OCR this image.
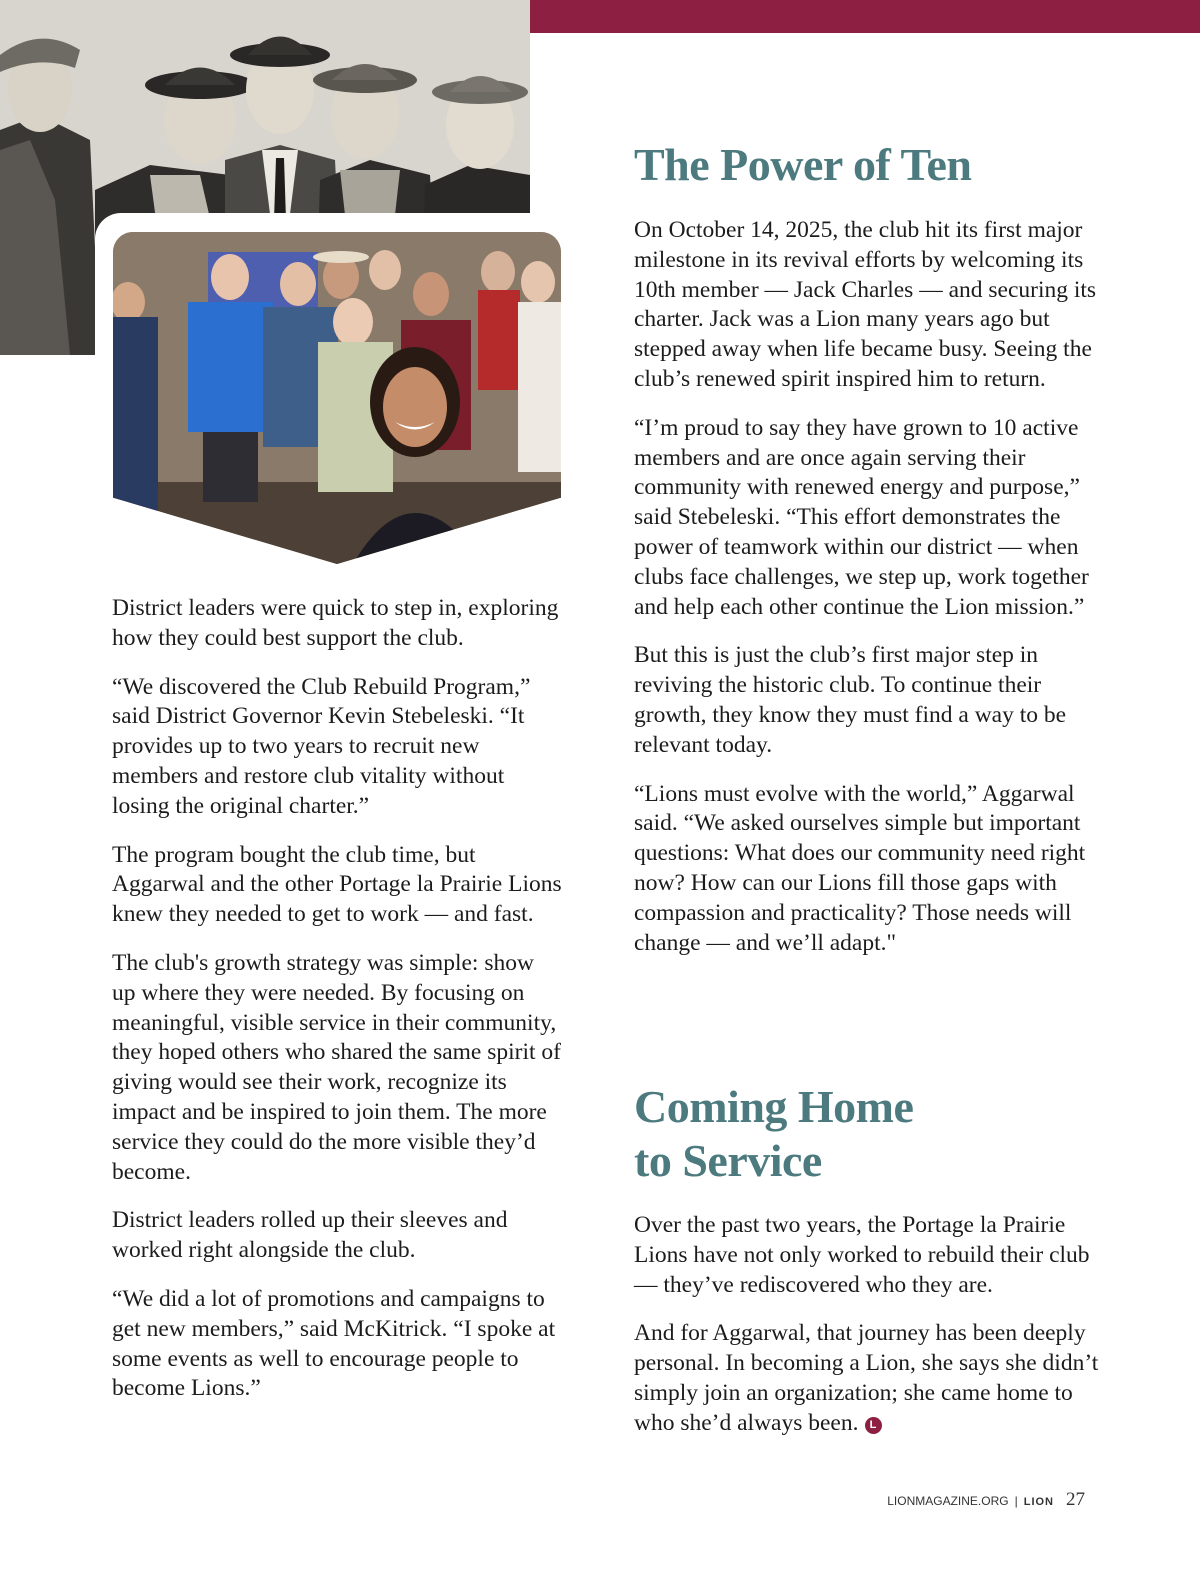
District leaders were quick to step in, exploring how they could best support the club.

“We discovered the Club Rebuild Program,” said District Governor Kevin Stebeleski. “It provides up to two years to recruit new members and restore club vitality without losing the original charter.”

The program bought the club time, but Aggarwal and the other Portage la Prairie Lions knew they needed to get to work — and fast.

The club's growth strategy was simple: show up where they were needed. By focusing on meaningful, visible service in their community, they hoped others who shared the same spirit of giving would see their work, recognize its impact and be inspired to join them. The more service they could do the more visible they’d become.

District leaders rolled up their sleeves and worked right alongside the club.

“We did a lot of promotions and campaigns to get new members,” said McKitrick. “I spoke at some events as well to encourage people to become Lions.”

The Power of Ten

On October 14, 2025, the club hit its first major milestone in its revival efforts by welcoming its 10th member — Jack Charles — and securing its charter. Jack was a Lion many years ago but stepped away when life became busy. Seeing the club’s renewed spirit inspired him to return.

“I’m proud to say they have grown to 10 active members and are once again serving their community with renewed energy and purpose,” said Stebeleski. “This effort demonstrates the power of teamwork within our district — when clubs face challenges, we step up, work together and help each other continue the Lion mission.”

But this is just the club’s first major step in reviving the historic club. To continue their growth, they know they must find a way to be relevant today.

“Lions must evolve with the world,” Aggarwal said. “We asked ourselves simple but important questions: What does our community need right now? How can our Lions fill those gaps with compassion and practicality? Those needs will change — and we’ll adapt."

Coming Home
to Service

Over the past two years, the Portage la Prairie Lions have not only worked to rebuild their club — they’ve rediscovered who they are.

And for Aggarwal, that journey has been deeply personal. In becoming a Lion, she says she didn’t simply join an organization; she came home to who she’d always been. L

LIONMAGAZINE.ORG | LION 27
